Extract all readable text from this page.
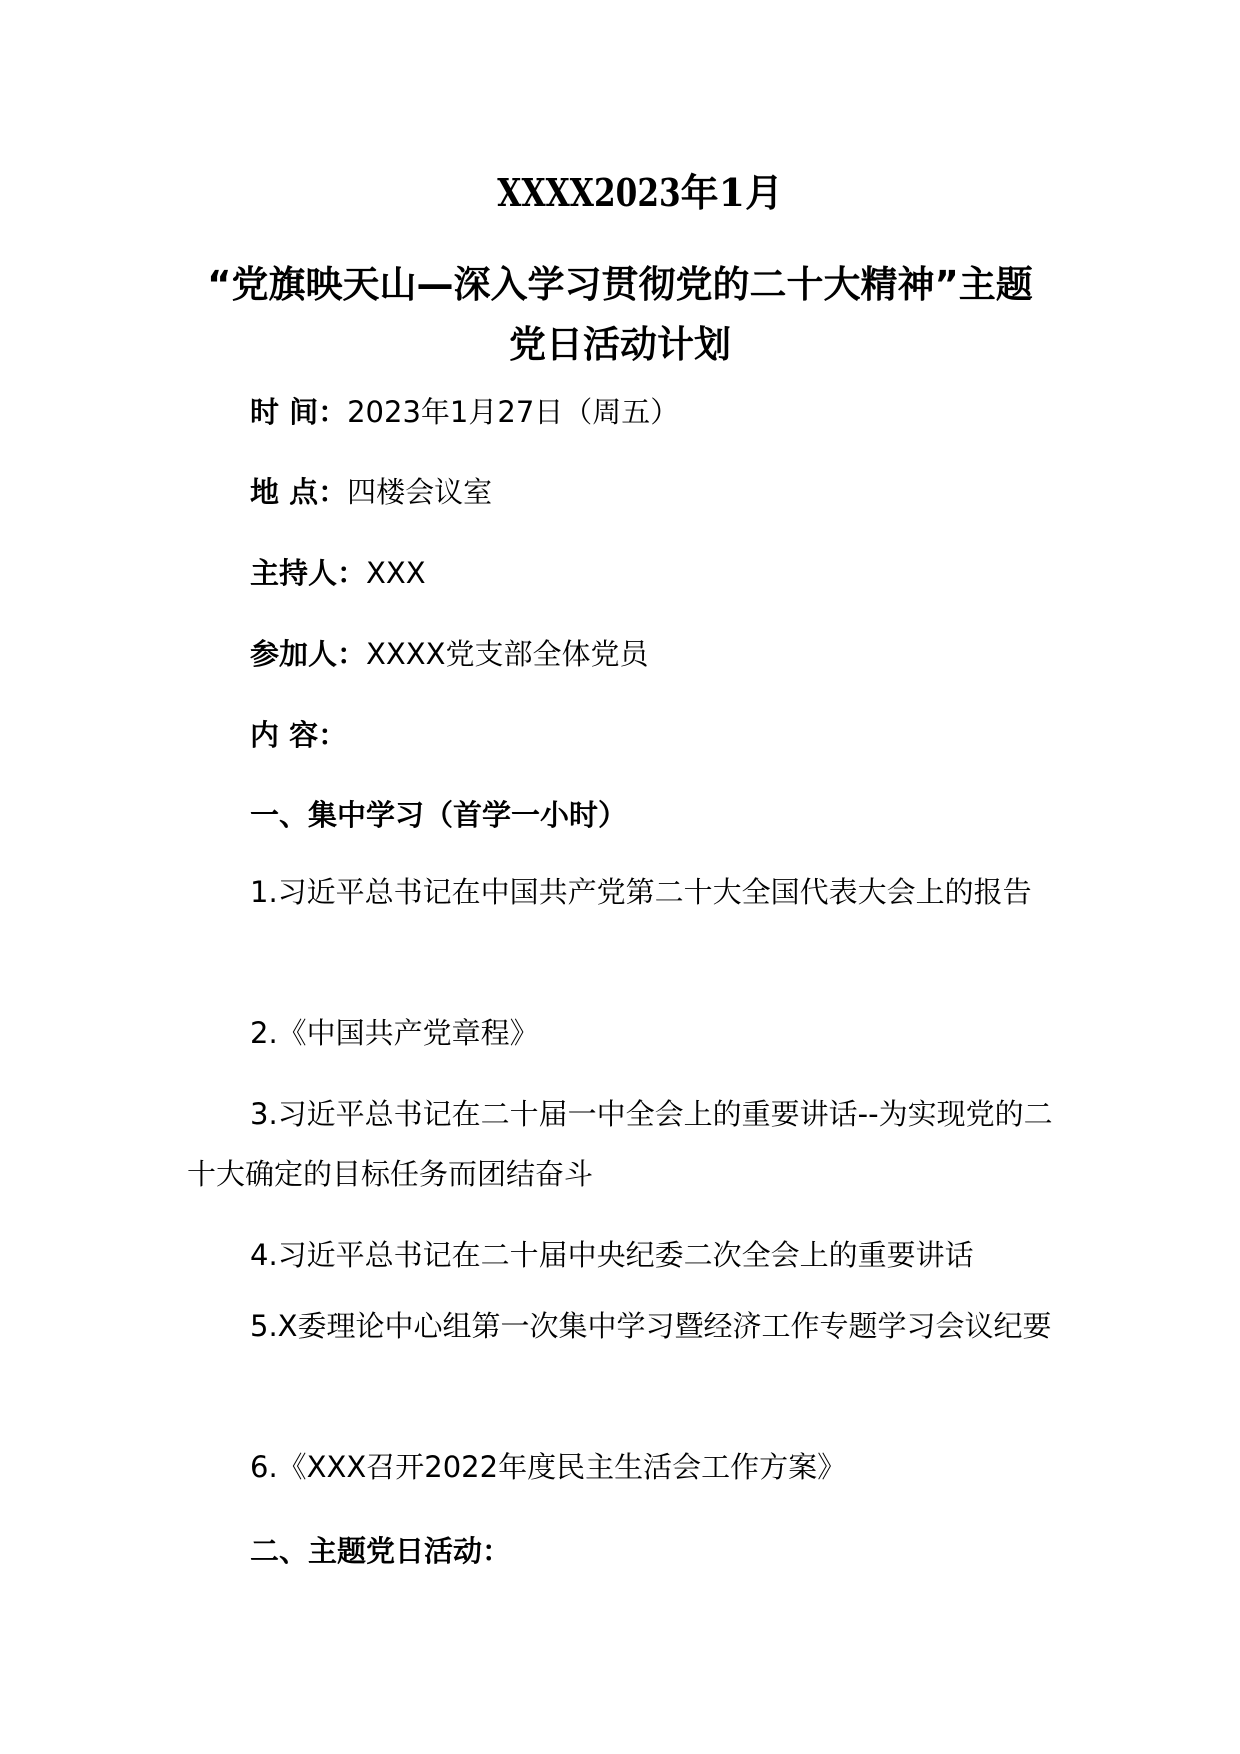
XXXX2023年1月
“党旗映天山—深入学习贯彻党的二十大精神”主题党日活动计划

时 间：2023年1月27日（周五）

地 点：四楼会议室

主持人：XXX

参加人：XXXX党支部全体党员

内 容：

一、集中学习（首学一小时）

1.习近平总书记在中国共产党第二十大全国代表大会上的报告

2.《中国共产党章程》

3.习近平总书记在二十届一中全会上的重要讲话--为实现党的二十大确定的目标任务而团结奋斗

4.习近平总书记在二十届中央纪委二次全会上的重要讲话

5.X委理论中心组第一次集中学习暨经济工作专题学习会议纪要

6.《XXX召开2022年度民主生活会工作方案》

二、主题党日活动：
